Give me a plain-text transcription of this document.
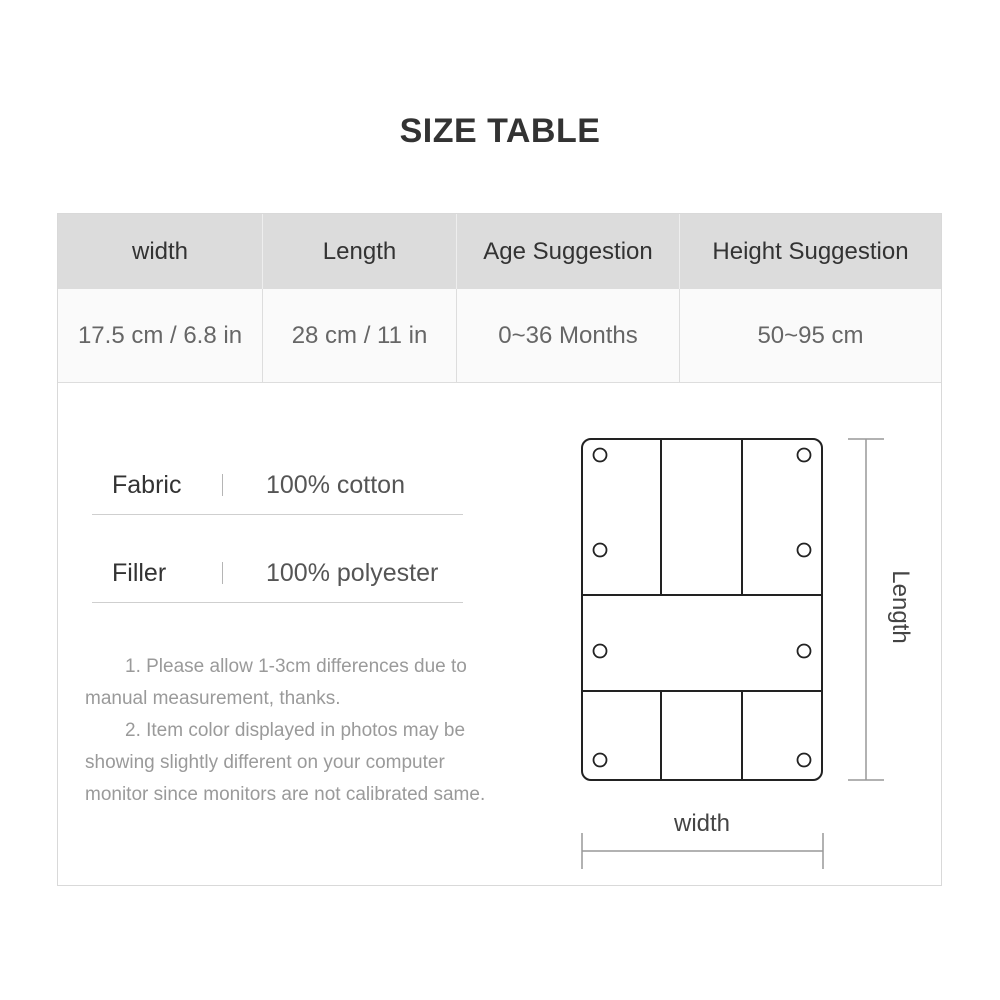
SIZE TABLE
width	Length	Age Suggestion	Height Suggestion
17.5 cm / 6.8 in	28 cm / 11 in	0~36 Months	50~95 cm
Fabric	100% cotton
Filler	100% polyester

1. Please allow 1-3cm differences due to manual measurement, thanks.

2. Item color displayed in photos may be showing slightly different on your computer monitor since monitors are not calibrated same.

width
Length
